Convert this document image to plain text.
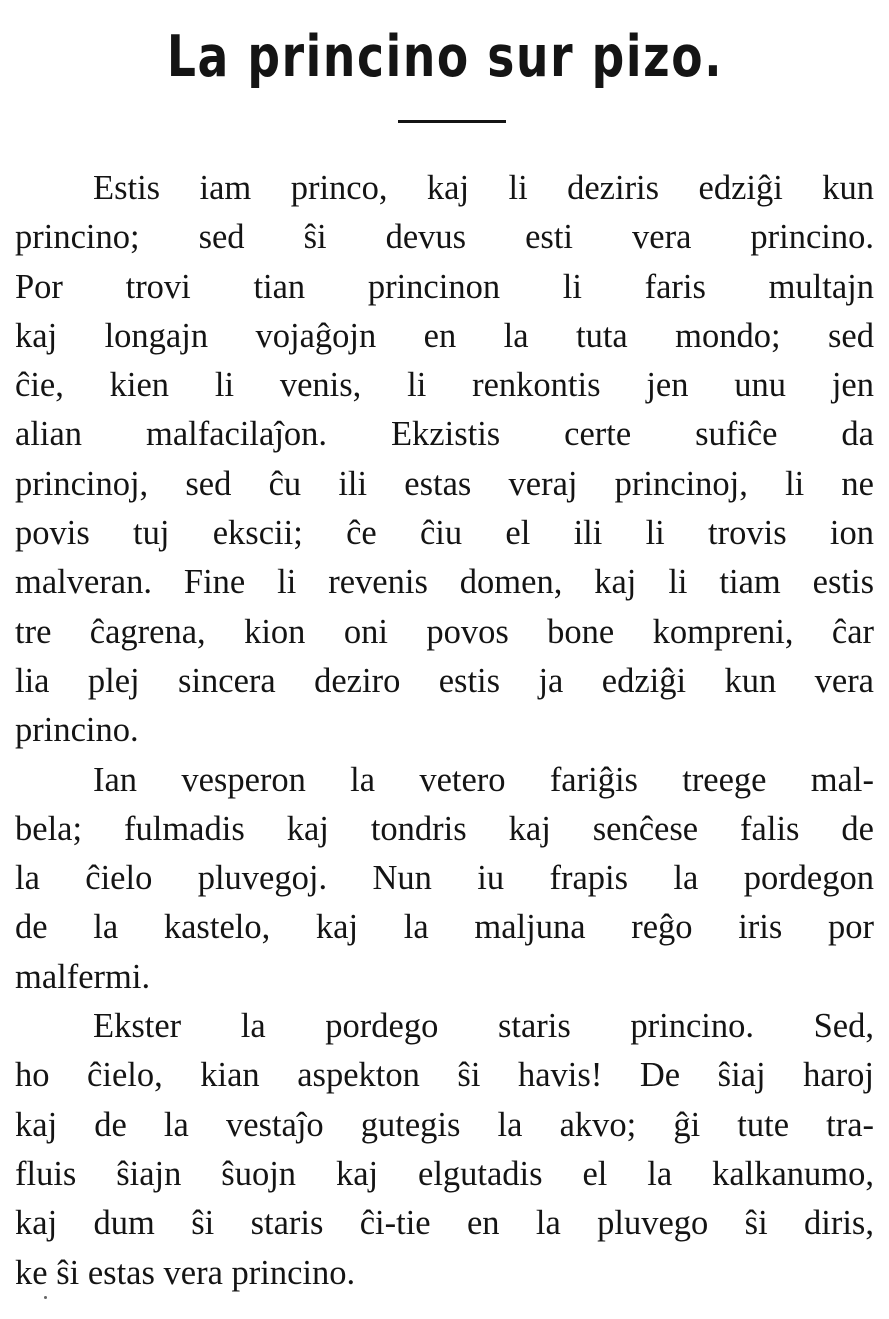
La princino sur pizo.
Estis iam princo, kaj li deziris edziĝi kun
princino; sed ŝi devus esti vera princino.
Por trovi tian princinon li faris multajn
kaj longajn vojaĝojn en la tuta mondo; sed
ĉie, kien li venis, li renkontis jen unu jen
alian malfacilaĵon. Ekzistis certe sufiĉe da
princinoj, sed ĉu ili estas veraj princinoj, li ne
povis tuj ekscii; ĉe ĉiu el ili li trovis ion
malveran. Fine li revenis domen, kaj li tiam estis
tre ĉagrena, kion oni povos bone kompreni, ĉar
lia plej sincera deziro estis ja edziĝi kun vera
princino.
Ian vesperon la vetero fariĝis treege mal-
bela; fulmadis kaj tondris kaj senĉese falis de
la ĉielo pluvegoj. Nun iu frapis la pordegon
de la kastelo, kaj la maljuna reĝo iris por
malfermi.
Ekster la pordego staris princino. Sed,
ho ĉielo, kian aspekton ŝi havis! De ŝiaj haroj
kaj de la vestaĵo gutegis la akvo; ĝi tute tra-
fluis ŝiajn ŝuojn kaj elgutadis el la kalkanumo,
kaj dum ŝi staris ĉi-tie en la pluvego ŝi diris,
ke ŝi estas vera princino.
